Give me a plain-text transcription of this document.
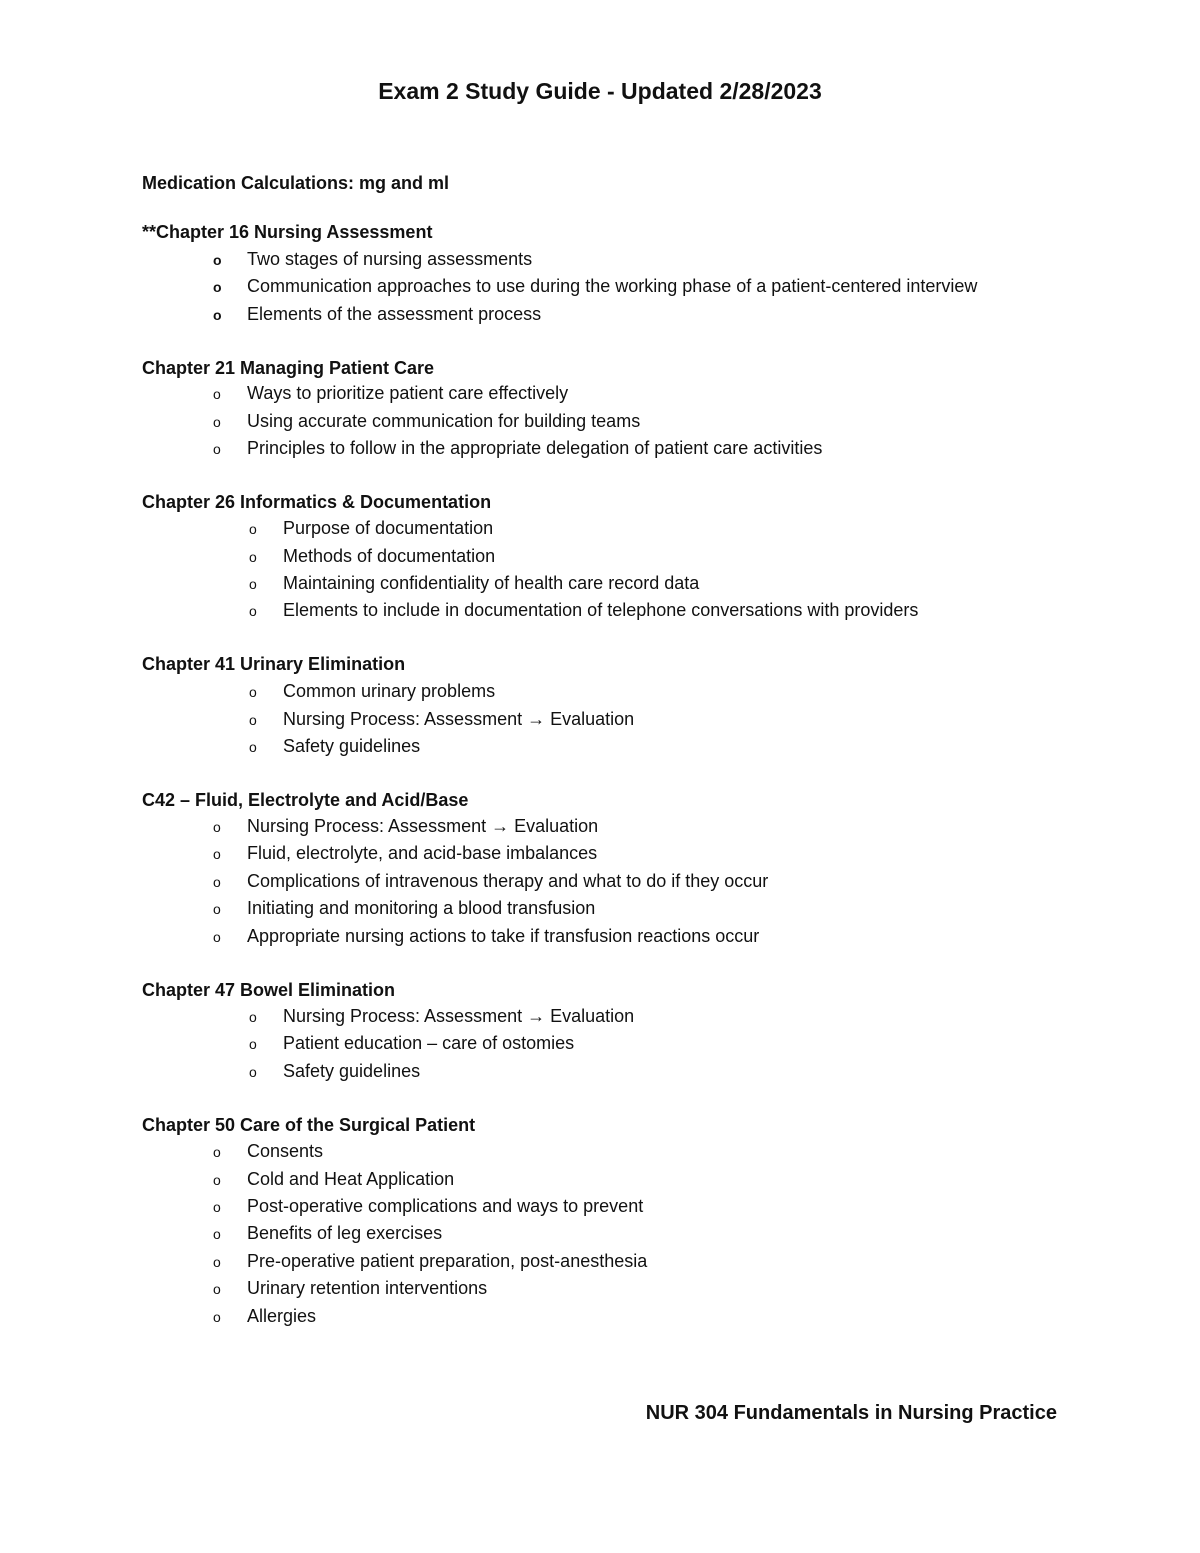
Exam 2 Study Guide - Updated 2/28/2023
Medication Calculations: mg and ml
**Chapter 16 Nursing Assessment
o Two stages of nursing assessments
o Communication approaches to use during the working phase of a patient-centered interview
o Elements of the assessment process
Chapter 21 Managing Patient Care
o Ways to prioritize patient care effectively
o Using accurate communication for building teams
o Principles to follow in the appropriate delegation of patient care activities
Chapter 26 Informatics & Documentation
o Purpose of documentation
o Methods of documentation
o Maintaining confidentiality of health care record data
o Elements to include in documentation of telephone conversations with providers
Chapter 41 Urinary Elimination
o Common urinary problems
o Nursing Process: Assessment → Evaluation
o Safety guidelines
C42 – Fluid, Electrolyte and Acid/Base
o Nursing Process: Assessment → Evaluation
o Fluid, electrolyte, and acid-base imbalances
o Complications of intravenous therapy and what to do if they occur
o Initiating and monitoring a blood transfusion
o Appropriate nursing actions to take if transfusion reactions occur
Chapter 47 Bowel Elimination
o Nursing Process: Assessment → Evaluation
o Patient education – care of ostomies
o Safety guidelines
Chapter 50 Care of the Surgical Patient
o Consents
o Cold and Heat Application
o Post-operative complications and ways to prevent
o Benefits of leg exercises
o Pre-operative patient preparation, post-anesthesia
o Urinary retention interventions
o Allergies
NUR 304 Fundamentals in Nursing Practice
